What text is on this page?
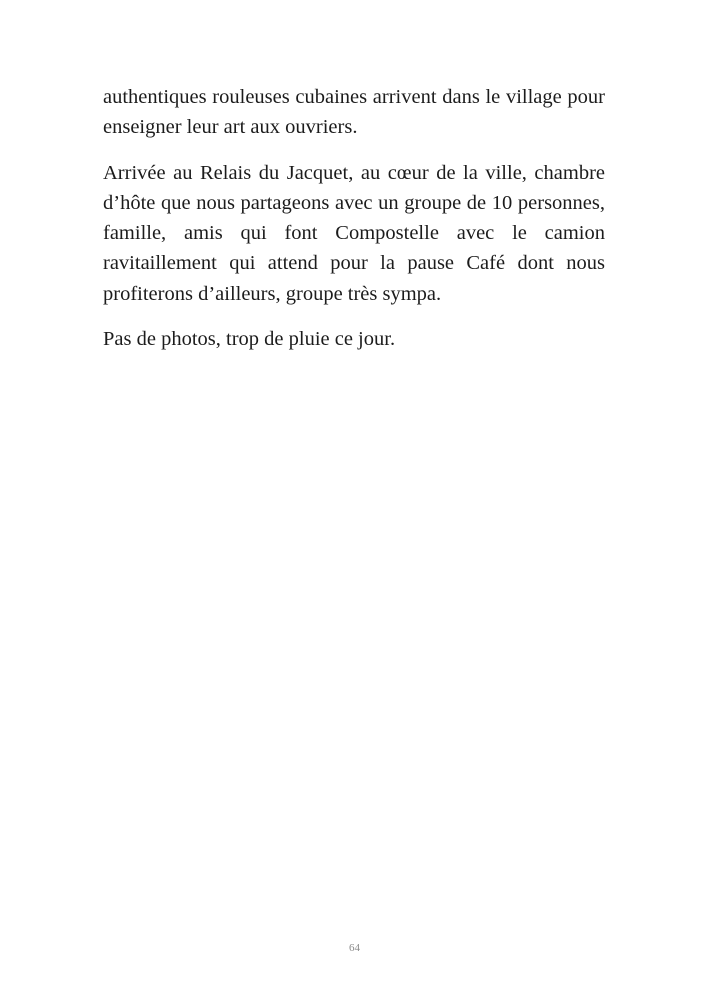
authentiques rouleuses cubaines arrivent dans le village pour enseigner leur art aux ouvriers.

Arrivée au Relais du Jacquet, au cœur de la ville, chambre d’hôte que nous partageons avec un groupe de 10 personnes, famille, amis qui font Compostelle avec le camion ravitaillement qui attend pour la pause Café dont nous profiterons d’ailleurs, groupe très sympa.

Pas de photos, trop de pluie ce jour.

64
